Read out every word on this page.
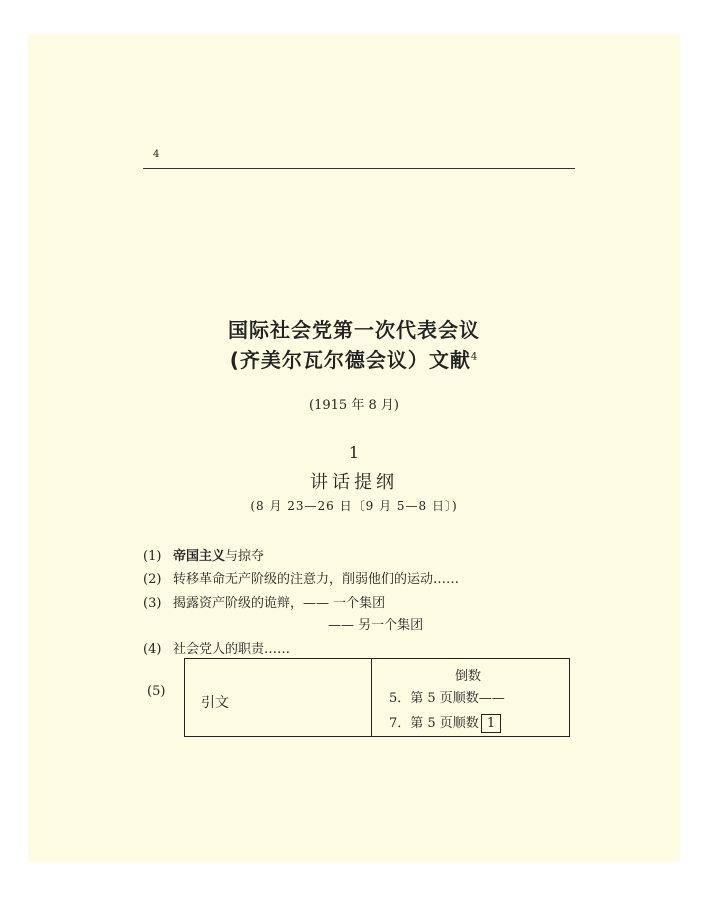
4
国际社会党第一次代表会议
(齐美尔瓦尔德会议）文献$^4$
(1915 年 8 月)
1
讲话提纲
(8 月 23—26 日〔9 月 5—8 日〕)
(1) 帝国主义与掠夺
(2) 转移革命无产阶级的注意力，削弱他们的运动……
(3) 揭露资产阶级的诡辩，—— 一个集团
—— 另一个集团
(4) 社会党人的职责……
(5)
引文
倒数
5．第 5 页顺数——
7．第 5 页顺数 1
